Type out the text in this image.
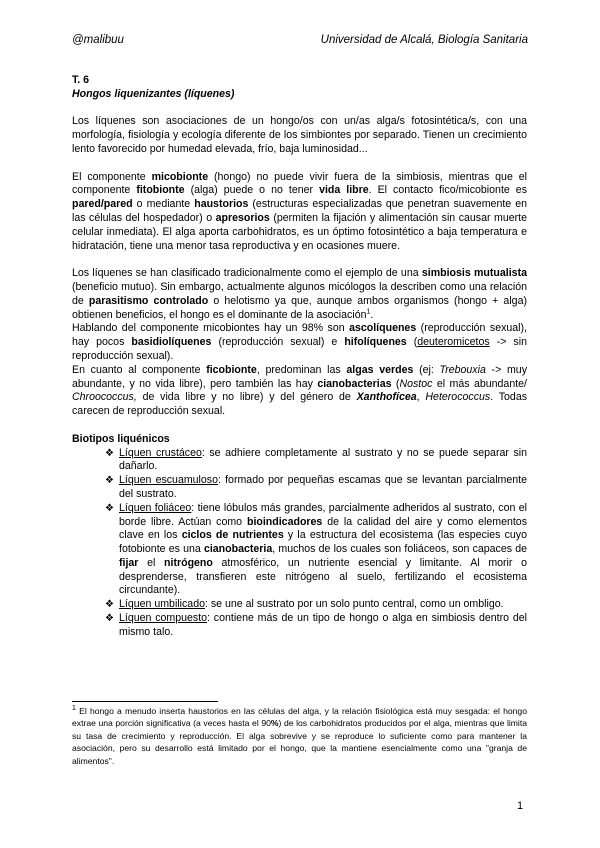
@malibuu	Universidad de Alcalá, Biología Sanitaria

T. 6

Hongos liquenizantes (líquenes)

Los líquenes son asociaciones de un hongo/os con un/as alga/s fotosintética/s, con una morfología, fisiología y ecología diferente de los simbiontes por separado. Tienen un crecimiento lento favorecido por humedad elevada, frío, baja luminosidad...

El componente micobionte (hongo) no puede vivir fuera de la simbiosis, mientras que el componente fitobionte (alga) puede o no tener vida libre. El contacto fico/micobionte es pared/pared o mediante haustorios (estructuras especializadas que penetran suavemente en las células del hospedador) o apresorios (permiten la fijación y alimentación sin causar muerte celular inmediata). El alga aporta carbohidratos, es un óptimo fotosintético a baja temperatura e hidratación, tiene una menor tasa reproductiva y en ocasiones muere.

Los líquenes se han clasificado tradicionalmente como el ejemplo de una simbiosis mutualista (beneficio mutuo). Sin embargo, actualmente algunos micólogos la describen como una relación de parasitismo controlado o helotismo ya que, aunque ambos organismos (hongo + alga) obtienen beneficios, el hongo es el dominante de la asociación$^1$.

Hablando del componente micobiontes hay un 98% son ascolíquenes (reproducción sexual), hay pocos basidiolíquenes (reproducción sexual) e hifolíquenes (deuteromicetos -> sin reproducción sexual).

En cuanto al componente ficobionte, predominan las algas verdes (ej: Trebouxia -> muy abundante, y no vida libre), pero también las hay cianobacterias (Nostoc el más abundante/ Chroococcus, de vida libre y no libre) y del género de Xanthofícea, Heterococcus. Todas carecen de reproducción sexual.

Biotipos liquénicos

❖ Líquen crustáceo: se adhiere completamente al sustrato y no se puede separar sin dañarlo.
❖ Líquen escuamuloso: formado por pequeñas escamas que se levantan parcialmente del sustrato.
❖ Líquen foliáceo: tiene lóbulos más grandes, parcialmente adheridos al sustrato, con el borde libre. Actúan como bioindicadores de la calidad del aire y como elementos clave en los ciclos de nutrientes y la estructura del ecosistema (las especies cuyo fotobionte es una cianobacteria, muchos de los cuales son foliáceos, son capaces de fijar el nitrógeno atmosférico, un nutriente esencial y limitante. Al morir o desprenderse, transfieren este nitrógeno al suelo, fertilizando el ecosistema circundante).
❖ Líquen umbilicado: se une al sustrato por un solo punto central, como un ombligo.
❖ Líquen compuesto: contiene más de un tipo de hongo o alga en simbiosis dentro del mismo talo.
$^1$ El hongo a menudo inserta haustorios en las células del alga, y la relación fisiológica está muy sesgada: el hongo extrae una porción significativa (a veces hasta el 90%) de los carbohidratos producidos por el alga, mientras que limita su tasa de crecimiento y reproducción. El alga sobrevive y se reproduce lo suficiente como para mantener la asociación, pero su desarrollo está limitado por el hongo, que la mantiene esencialmente como una "granja de alimentos".
1
